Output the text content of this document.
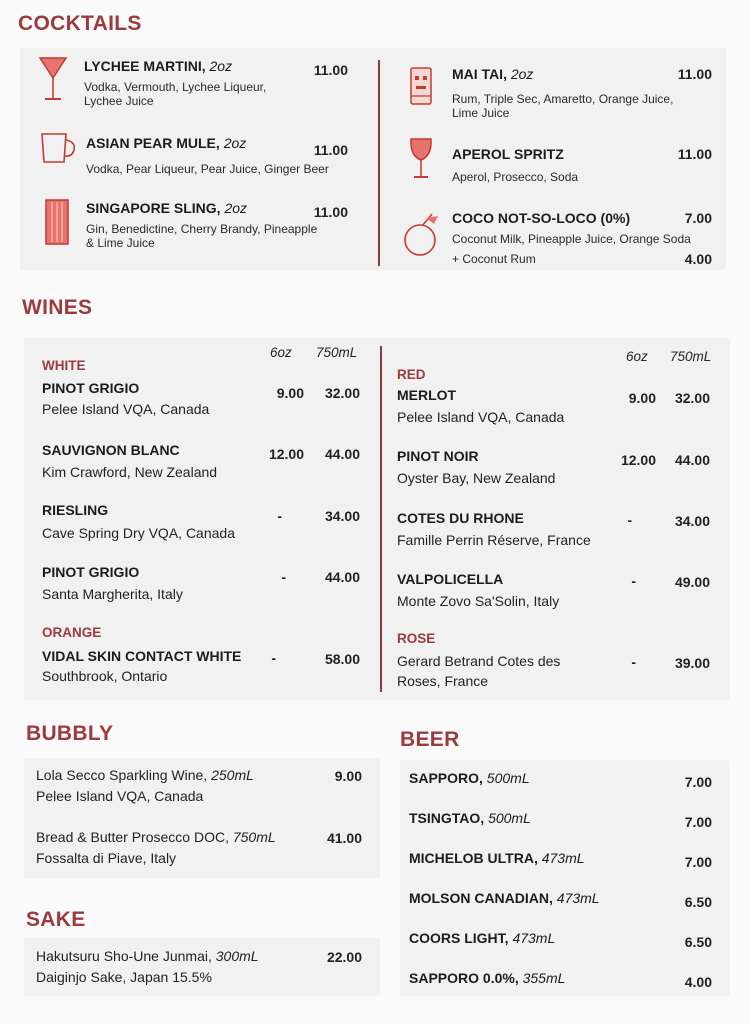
COCKTAILS
LYCHEE MARTINI, 2oz	11.00
Vodka, Vermouth, Lychee Liqueur,
Lychee Juice
ASIAN PEAR MULE, 2oz	11.00
Vodka, Pear Liqueur, Pear Juice, Ginger Beer
SINGAPORE SLING, 2oz	11.00
Gin, Benedictine, Cherry Brandy, Pineapple
& Lime Juice
MAI TAI, 2oz	11.00
Rum, Triple Sec, Amaretto, Orange Juice,
Lime Juice
APEROL SPRITZ	11.00
Aperol, Prosecco, Soda
COCO NOT-SO-LOCO (0%)	7.00
Coconut Milk, Pineapple Juice, Orange Soda
+ Coconut Rum	4.00
WINES
6oz 750mL
WHITE
PINOT GRIGIO
Pelee Island VQA, Canada
9.00	32.00
SAUVIGNON BLANC
Kim Crawford, New Zealand
12.00	44.00
RIESLING
Cave Spring Dry VQA, Canada
-	34.00
PINOT GRIGIO
Santa Margherita, Italy
-	44.00
ORANGE
VIDAL SKIN CONTACT WHITE
Southbrook, Ontario
-	58.00
6oz 750mL
RED
MERLOT
Pelee Island VQA, Canada
9.00	32.00
PINOT NOIR
Oyster Bay, New Zealand
12.00	44.00
COTES DU RHONE
Famille Perrin Réserve, France
-	34.00
VALPOLICELLA
Monte Zovo Sa'Solin, Italy
-	49.00
ROSE
Gerard Betrand Cotes des
Roses, France
-	39.00
BUBBLY
Lola Secco Sparkling Wine, 250mL
Pelee Island VQA, Canada
9.00
Bread & Butter Prosecco DOC, 750mL
Fossalta di Piave, Italy
41.00
SAKE
Hakutsuru Sho-Une Junmai, 300mL
Daiginjo Sake, Japan 15.5%
22.00
BEER
SAPPORO, 500mL	7.00
TSINGTAO, 500mL	7.00
MICHELOB ULTRA, 473mL	7.00
MOLSON CANADIAN, 473mL	6.50
COORS LIGHT, 473mL	6.50
SAPPORO 0.0%, 355mL	4.00
